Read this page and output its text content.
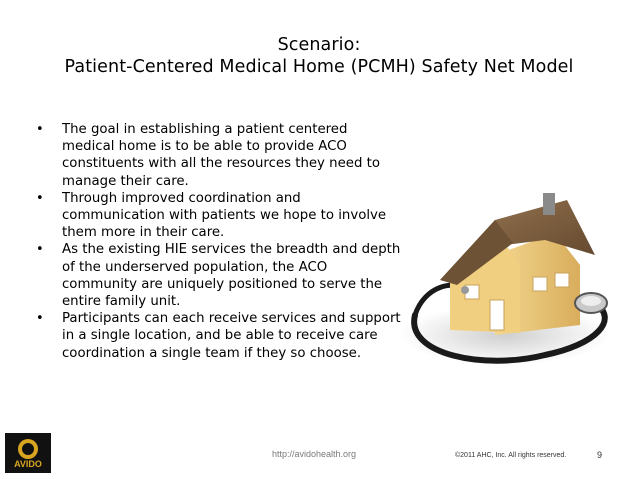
Scenario:
Patient-Centered Medical Home (PCMH) Safety Net Model
• The goal in establishing a patient centered medical home is to be able to provide ACO constituents with all the resources they need to manage their care.
• Through improved coordination and communication with patients we hope to involve them more in their care.
• As the existing HIE services the breadth and depth of the underserved population, the ACO community are uniquely positioned to serve the entire family unit.
• Participants can each receive services and support in a single location, and be able to receive care coordination a single team if they so choose.
AVIDO
http://avidohealth.org	©2011 AHC, Inc. All rights reserved.	9
